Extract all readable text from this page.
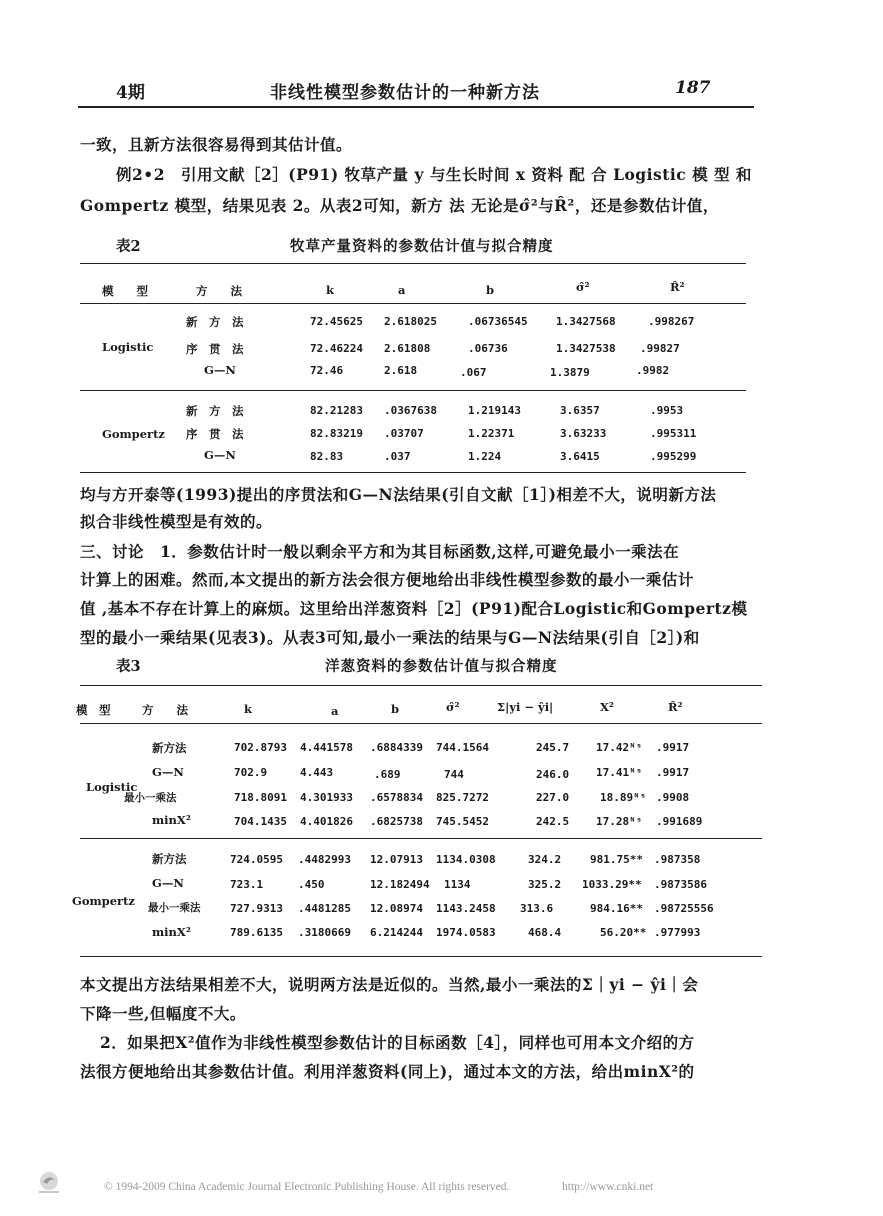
4期	非线性模型参数估计的一种新方法	187
一致，且新方法很容易得到其估计值。
例2•2　引用文献［2］(P91) 牧草产量 y 与生长时间 x 资料 配 合 Logistic 模 型 和
Gompertz 模型，结果见表 2。从表2可知，新方 法 无论是σ̂²与R̂²，还是参数估计值，
表2	牧草产量资料的参数估计值与拟合精度
模　　型	方　　法	k	a	b	σ̂²	R̂²
Logistic
新　方　法	72.45625 2.618025	.06736545	1.3427568	.998267
序　贯　法	72.46224 2.61808	.06736	1.3427538 .99827
G—N	72.46	2.618	.067	1.3879	.9982
Gompertz
新　方　法	82.21283 .0367638	1.219143	3.6357	.9953
序　贯　法	82.83219 .03707	1.22371	3.63233	.995311
G—N	82.83	.037	1.224	3.6415	.995299
均与方开泰等(1993)提出的序贯法和G—N法结果(引自文献［1］)相差不大，说明新方法
拟合非线性模型是有效的。
三、讨论　1．参数估计时一般以剩余平方和为其目标函数,这样,可避免最小一乘法在
计算上的困难。然而,本文提出的新方法会很方便地给出非线性模型参数的最小一乘估计
值 ,基本不存在计算上的麻烦。这里给出洋葱资料［2］(P91)配合Logistic和Gompertz模
型的最小一乘结果(见表3)。从表3可知,最小一乘法的结果与G—N法结果(引自［2］)和
表3	洋葱资料的参数估计值与拟合精度
模　型	方　　法	k	a	b	σ̂²	Σ|yi − ŷi|	X²	R̂²
Logistic
新方法	702.8793 4.441578 .6884339 744.1564	245.7 17.42ᴺˢ .9917
G—N	702.9	4.443	.689	744	246.0 17.41ᴺˢ .9917
最小一乘法	718.8091 4.301933 .6578834 825.7272	227.0	18.89ᴺˢ .9908
minX²	704.1435 4.401826 .6825738 745.5452	242.5 17.28ᴺˢ .991689
Gompertz
新方法	724.0595 .4482993 12.07913 1134.0308	324.2	981.75** .987358
G—N	723.1	.450	12.182494 1134	325.2 1033.29** .9873586
最小一乘法	727.9313 .4481285 12.08974 1143.2458 313.6	984.16** .98725556
minX²	789.6135 .3180669 6.214244 1974.0583	468.4	56.20** .977993
本文提出方法结果相差不大，说明两方法是近似的。当然,最小一乘法的Σ｜yi − ŷi｜会
下降一些,但幅度不大。
2．如果把X²值作为非线性模型参数估计的目标函数［4］，同样也可用本文介绍的方
法很方便地给出其参数估计值。利用洋葱资料(同上)，通过本文的方法，给出minX²的
© 1994-2009 China Academic Journal Electronic Publishing House. All rights reserved.	http://www.cnki.net
